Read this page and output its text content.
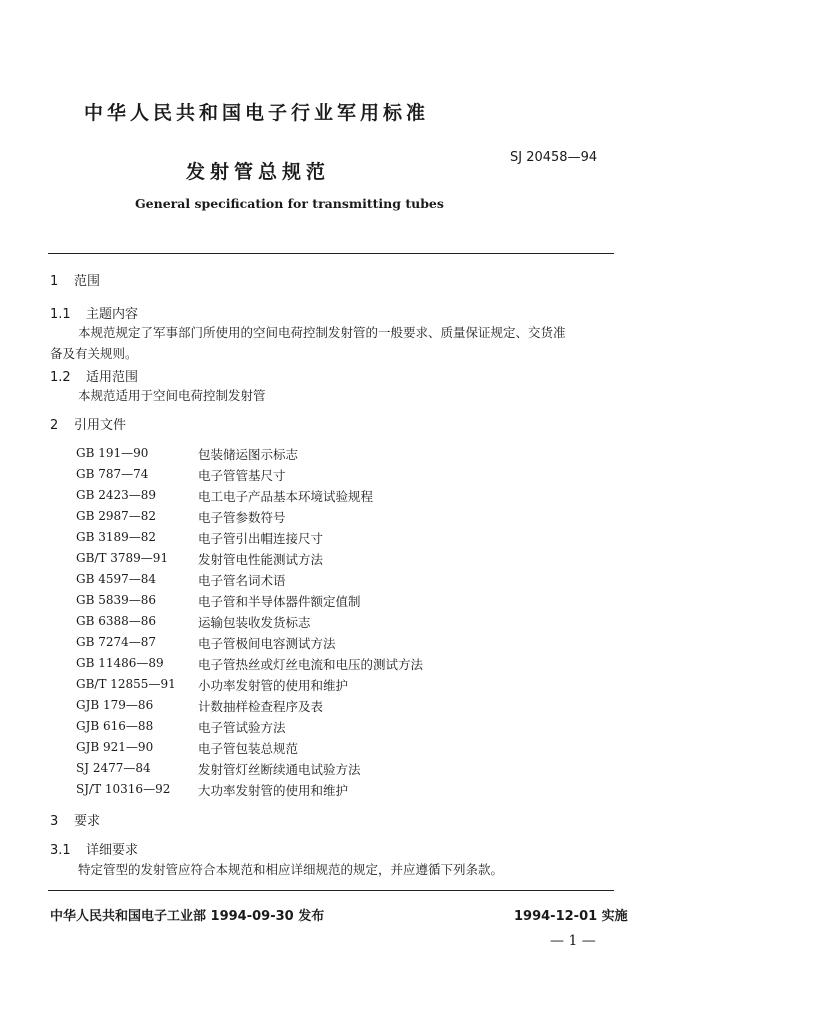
中华人民共和国电子行业军用标准
发射管总规范
SJ 20458—94
General specification for transmitting tubes
1 范围
1.1 主题内容
本规范规定了军事部门所使用的空间电荷控制发射管的一般要求、质量保证规定、交货准
备及有关规则。
1.2 适用范围
本规范适用于空间电荷控制发射管
2 引用文件
GB 191—90	包装储运图示标志
GB 787—74	电子管管基尺寸
GB 2423—89	电工电子产品基本环境试验规程
GB 2987—82	电子管参数符号
GB 3189—82	电子管引出帽连接尺寸
GB/T 3789—91 发射管电性能测试方法
GB 4597—84	电子管名词术语
GB 5839—86	电子管和半导体器件额定值制
GB 6388—86	运输包装收发货标志
GB 7274—87	电子管极间电容测试方法
GB 11486—89	电子管热丝或灯丝电流和电压的测试方法
GB/T 12855—91 小功率发射管的使用和维护
GJB 179—86	计数抽样检查程序及表
GJB 616—88	电子管试验方法
GJB 921—90	电子管包装总规范
SJ 2477—84	发射管灯丝断续通电试验方法
SJ/T 10316—92 大功率发射管的使用和维护
3 要求
3.1 详细要求
特定管型的发射管应符合本规范和相应详细规范的规定，并应遵循下列条款。
中华人民共和国电子工业部 1994-09-30 发布	1994-12-01 实施
— 1 —
